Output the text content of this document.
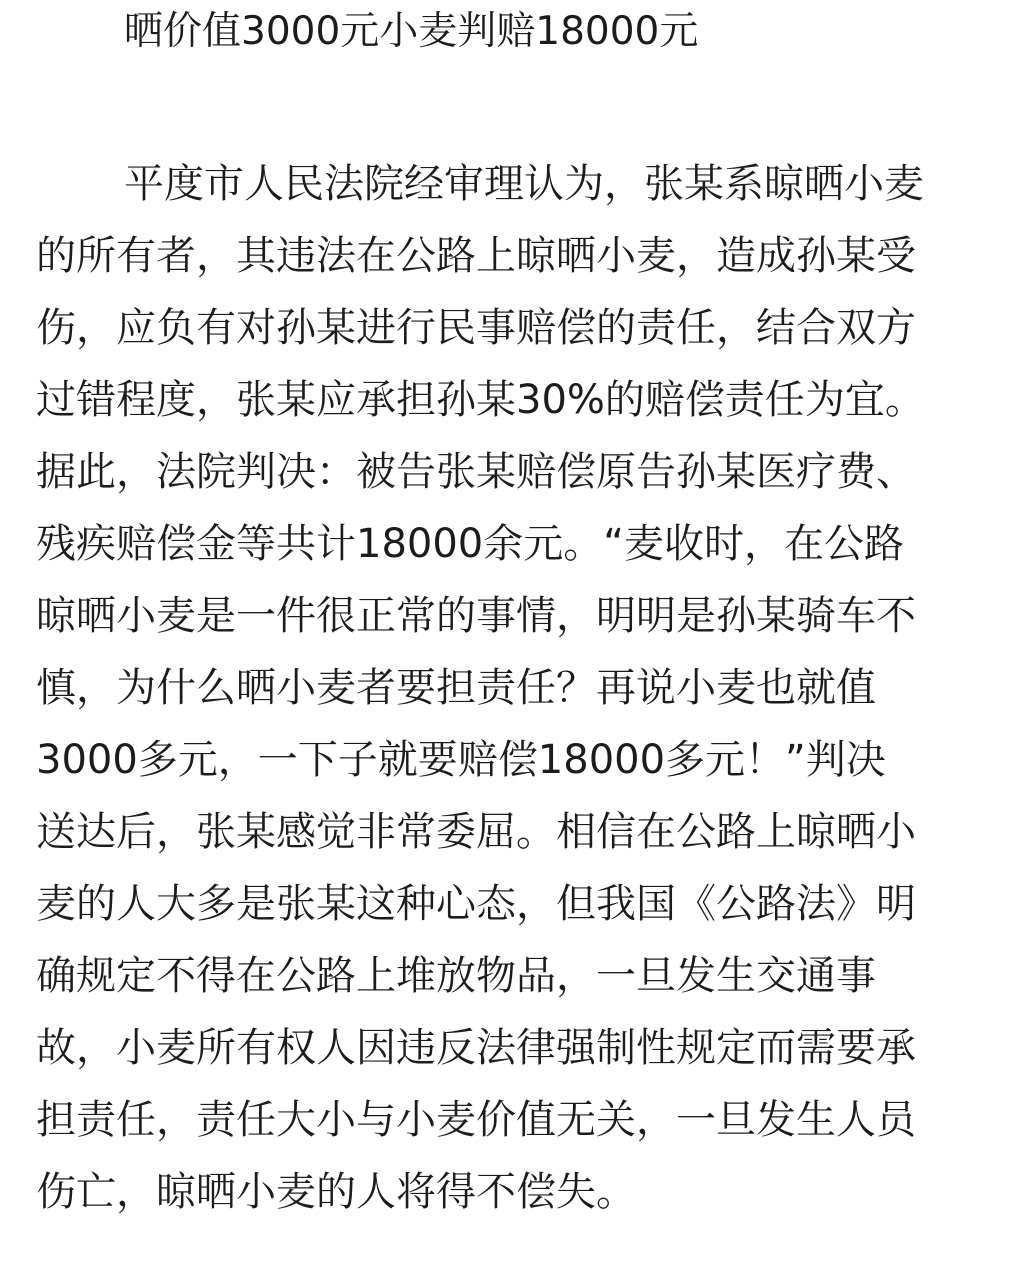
晒价值3000元小麦判赔18000元
平度市人民法院经审理认为，张某系晾晒小麦
的所有者，其违法在公路上晾晒小麦，造成孙某受
伤，应负有对孙某进行民事赔偿的责任，结合双方
过错程度，张某应承担孙某30%的赔偿责任为宜。
据此，法院判决：被告张某赔偿原告孙某医疗费、
残疾赔偿金等共计18000余元。“麦收时，在公路
晾晒小麦是一件很正常的事情，明明是孙某骑车不
慎，为什么晒小麦者要担责任？再说小麦也就值
3000多元，一下子就要赔偿18000多元！”判决
送达后，张某感觉非常委屈。相信在公路上晾晒小
麦的人大多是张某这种心态，但我国《公路法》明
确规定不得在公路上堆放物品，一旦发生交通事
故，小麦所有权人因违反法律强制性规定而需要承
担责任，责任大小与小麦价值无关，一旦发生人员
伤亡，晾晒小麦的人将得不偿失。
